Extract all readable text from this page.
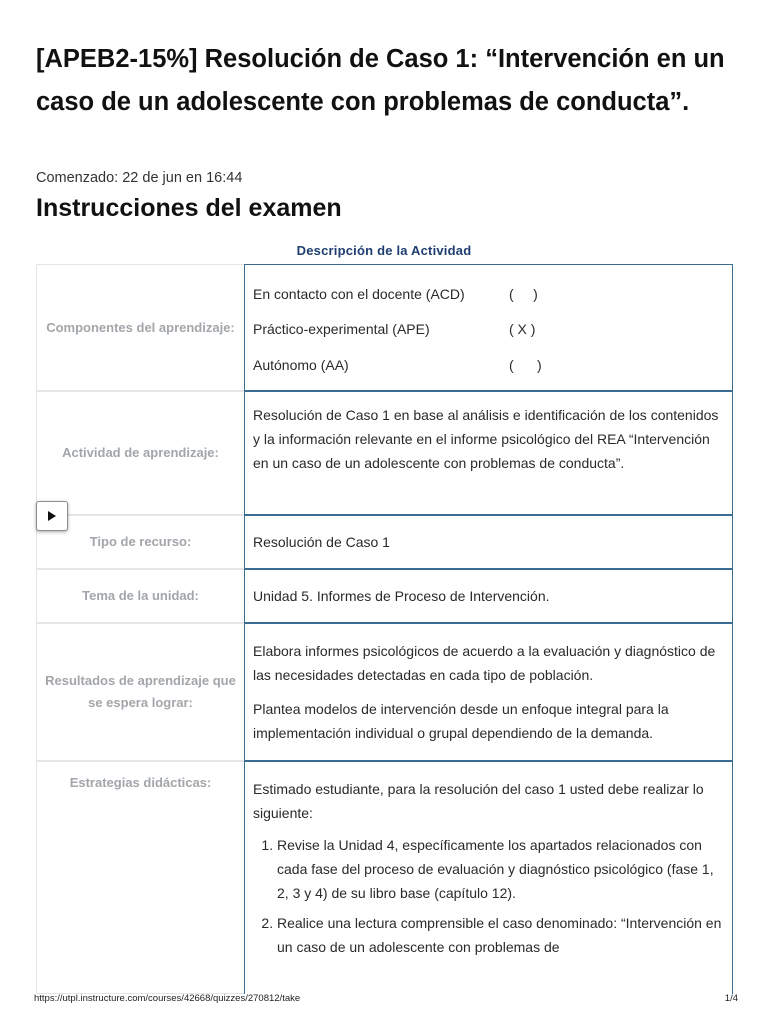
[APEB2-15%] Resolución de Caso 1: “Intervención en un caso de un adolescente con problemas de conducta”.
Comenzado: 22 de jun en 16:44
Instrucciones del examen
Descripción de la Actividad
Componentes del aprendizaje:
En contacto con el docente (ACD)	(     )
Práctico-experimental (APE)	( X )
Autónomo (AA)	(      )
Actividad de aprendizaje:

Resolución de Caso 1 en base al análisis e identificación de los contenidos y la información relevante en el informe psicológico del REA “Intervención en un caso de un adolescente con problemas de conducta”.

Tipo de recurso:	Resolución de Caso 1

Tema de la unidad:	Unidad 5. Informes de Proceso de Intervención.

Resultados de aprendizaje que se espera lograr:

Elabora informes psicológicos de acuerdo a la evaluación y diagnóstico de las necesidades detectadas en cada tipo de población.

Plantea modelos de intervención desde un enfoque integral para la implementación individual o grupal dependiendo de la demanda.

Estrategias didácticas:	Estimado estudiante, para la resolución del caso 1 usted debe realizar lo siguiente:

1. Revise la Unidad 4, específicamente los apartados relacionados con cada fase del proceso de evaluación y diagnóstico psicológico (fase 1, 2, 3 y 4) de su libro base (capítulo 12).
2. Realice una lectura comprensible el caso denominado: “Intervención en un caso de un adolescente con problemas de
https://utpl.instructure.com/courses/42668/quizzes/270812/take	1/4
